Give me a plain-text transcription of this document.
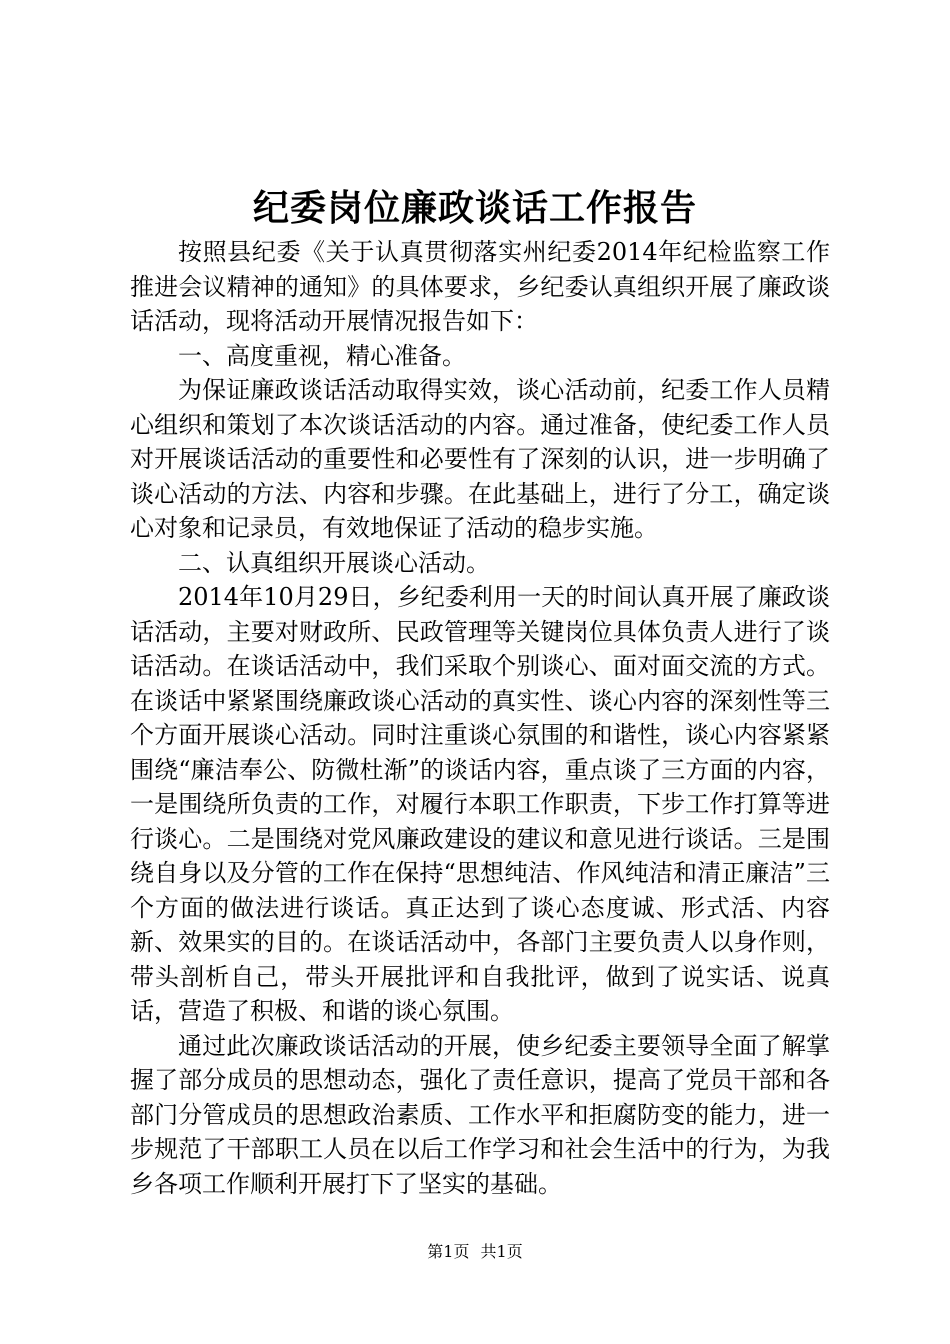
纪委岗位廉政谈话工作报告

按照县纪委《关于认真贯彻落实州纪委2014年纪检监察工作推进会议精神的通知》的具体要求，乡纪委认真组织开展了廉政谈话活动，现将活动开展情况报告如下：

一、高度重视，精心准备。

为保证廉政谈话活动取得实效，谈心活动前，纪委工作人员精心组织和策划了本次谈话活动的内容。通过准备，使纪委工作人员对开展谈话活动的重要性和必要性有了深刻的认识，进一步明确了谈心活动的方法、内容和步骤。在此基础上，进行了分工，确定谈心对象和记录员，有效地保证了活动的稳步实施。

二、认真组织开展谈心活动。

2014年10月29日，乡纪委利用一天的时间认真开展了廉政谈话活动，主要对财政所、民政管理等关键岗位具体负责人进行了谈话活动。在谈话活动中，我们采取个别谈心、面对面交流的方式。在谈话中紧紧围绕廉政谈心活动的真实性、谈心内容的深刻性等三个方面开展谈心活动。同时注重谈心氛围的和谐性，谈心内容紧紧围绕“廉洁奉公、防微杜渐”的谈话内容，重点谈了三方面的内容，一是围绕所负责的工作，对履行本职工作职责，下步工作打算等进行谈心。二是围绕对党风廉政建设的建议和意见进行谈话。三是围绕自身以及分管的工作在保持“思想纯洁、作风纯洁和清正廉洁”三个方面的做法进行谈话。真正达到了谈心态度诚、形式活、内容新、效果实的目的。在谈话活动中，各部门主要负责人以身作则，带头剖析自己，带头开展批评和自我批评，做到了说实话、说真话，营造了积极、和谐的谈心氛围。

通过此次廉政谈话活动的开展，使乡纪委主要领导全面了解掌握了部分成员的思想动态，强化了责任意识，提高了党员干部和各部门分管成员的思想政治素质、工作水平和拒腐防变的能力，进一步规范了干部职工人员在以后工作学习和社会生活中的行为，为我乡各项工作顺利开展打下了坚实的基础。

第1页 共1页
